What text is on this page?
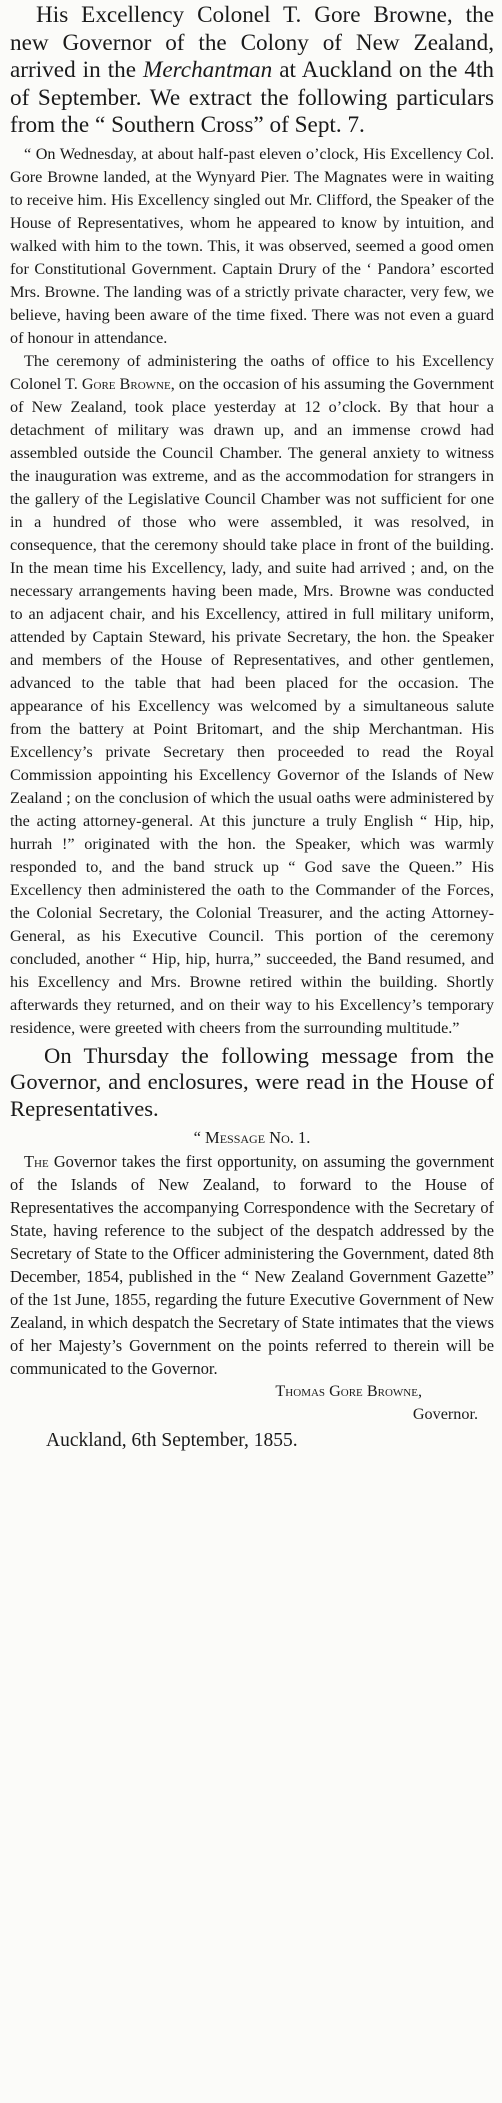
His Excellency Colonel T. Gore Browne, the new Governor of the Colony of New Zealand, arrived in the Merchantman at Auckland on the 4th of September. We extract the following particulars from the “ Southern Cross” of Sept. 7.

“ On Wednesday, at about half-past eleven o’clock, His Excellency Col. Gore Browne landed, at the Wynyard Pier. The Magnates were in waiting to receive him. His Excellency singled out Mr. Clifford, the Speaker of the House of Representatives, whom he appeared to know by intuition, and walked with him to the town. This, it was observed, seemed a good omen for Constitutional Government. Captain Drury of the ‘ Pandora’ escorted Mrs. Browne. The landing was of a strictly private character, very few, we believe, having been aware of the time fixed. There was not even a guard of honour in attendance.

The ceremony of administering the oaths of office to his Excellency Colonel T. Gore Browne, on the occasion of his assuming the Government of New Zealand, took place yesterday at 12 o’clock. By that hour a detachment of military was drawn up, and an immense crowd had assembled outside the Council Chamber. The general anxiety to witness the inauguration was extreme, and as the accommodation for strangers in the gallery of the Legislative Council Chamber was not sufficient for one in a hundred of those who were assembled, it was resolved, in consequence, that the ceremony should take place in front of the building. In the mean time his Excellency, lady, and suite had arrived ; and, on the necessary arrangements having been made, Mrs. Browne was conducted to an adjacent chair, and his Excellency, attired in full military uniform, attended by Captain Steward, his private Secretary, the hon. the Speaker and members of the House of Representatives, and other gentlemen, advanced to the table that had been placed for the occasion. The appearance of his Excellency was welcomed by a simultaneous salute from the battery at Point Britomart, and the ship Merchantman. His Excellency’s private Secretary then proceeded to read the Royal Commission appointing his Excellency Governor of the Islands of New Zealand ; on the conclusion of which the usual oaths were administered by the acting attorney-general. At this juncture a truly English “ Hip, hip, hurrah !” originated with the hon. the Speaker, which was warmly responded to, and the band struck up “ God save the Queen.” His Excellency then administered the oath to the Commander of the Forces, the Colonial Secretary, the Colonial Treasurer, and the acting Attorney-General, as his Executive Council. This portion of the ceremony concluded, another “ Hip, hip, hurra,” succeeded, the Band resumed, and his Excellency and Mrs. Browne retired within the building. Shortly afterwards they returned, and on their way to his Excellency’s temporary residence, were greeted with cheers from the surrounding multitude.”

On Thursday the following message from the Governor, and enclosures, were read in the House of Representatives.

“ Message No. 1.

The Governor takes the first opportunity, on assuming the government of the Islands of New Zealand, to forward to the House of Representatives the accompanying Correspondence with the Secretary of State, having reference to the subject of the despatch addressed by the Secretary of State to the Officer administering the Government, dated 8th December, 1854, published in the “ New Zealand Government Gazette” of the 1st June, 1855, regarding the future Executive Government of New Zealand, in which despatch the Secretary of State intimates that the views of her Majesty’s Government on the points referred to therein will be communicated to the Governor.

Thomas Gore Browne,

Governor.

Auckland, 6th September, 1855.
